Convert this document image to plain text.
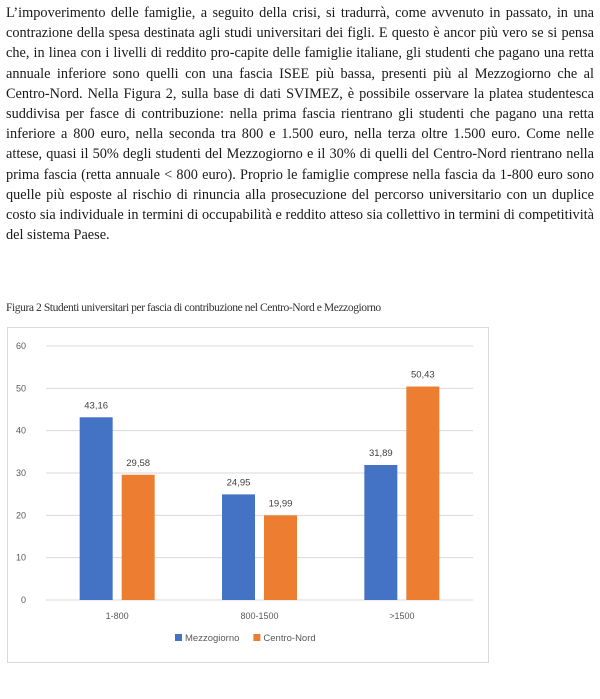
L’impoverimento delle famiglie, a seguito della crisi, si tradurrà, come avvenuto in passato, in una contrazione della spesa destinata agli studi universitari dei figli. E questo è ancor più vero se si pensa che, in linea con i livelli di reddito pro-capite delle famiglie italiane, gli studenti che pagano una retta annuale inferiore sono quelli con una fascia ISEE più bassa, presenti più al Mezzogiorno che al Centro-Nord. Nella Figura 2, sulla base di dati SVIMEZ, è possibile osservare la platea studentesca suddivisa per fasce di contribuzione: nella prima fascia rientrano gli studenti che pagano una retta inferiore a 800 euro, nella seconda tra 800 e 1.500 euro, nella terza oltre 1.500 euro. Come nelle attese, quasi il 50% degli studenti del Mezzogiorno e il 30% di quelli del Centro-Nord rientrano nella prima fascia (retta annuale < 800 euro). Proprio le famiglie comprese nella fascia da 1-800 euro sono quelle più esposte al rischio di rinuncia alla prosecuzione del percorso universitario con un duplice costo sia individuale in termini di occupabilità e reddito atteso sia collettivo in termini di competitività del sistema Paese.
Figura 2 Studenti universitari per fascia di contribuzione nel Centro-Nord e Mezzogiorno
0
10
20
30
40
50
60
43,16
29,58
1-800
24,95
19,99
800-1500
31,89
50,43
>1500
Mezzogiorno	Centro-Nord
